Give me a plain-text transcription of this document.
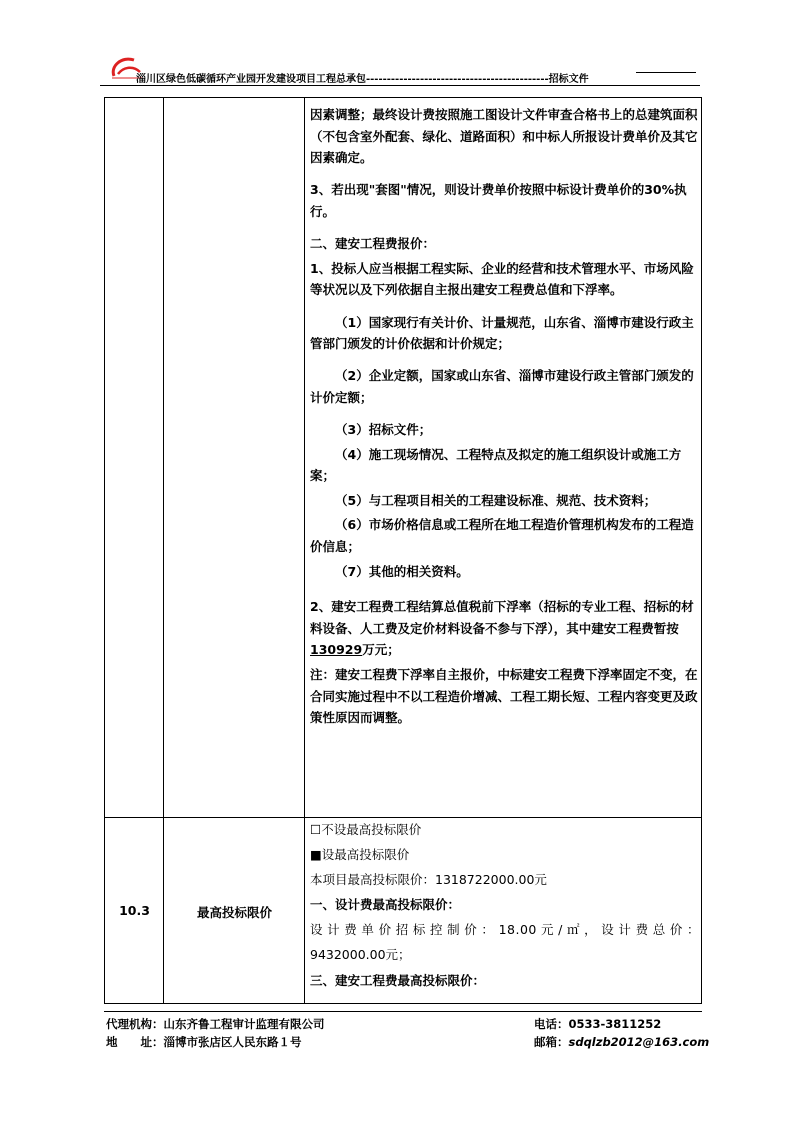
淄川区绿色低碳循环产业园开发建设项目工程总承包--------------------------------------------招标文件

因素调整；最终设计费按照施工图设计文件审查合格书上的总建筑面积（不包含室外配套、绿化、道路面积）和中标人所报设计费单价及其它因素确定。

3、若出现"套图"情况，则设计费单价按照中标设计费单价的30%执行。

二、建安工程费报价：

1、投标人应当根据工程实际、企业的经营和技术管理水平、市场风险等状况以及下列依据自主报出建安工程费总值和下浮率。

（1）国家现行有关计价、计量规范，山东省、淄博市建设行政主管部门颁发的计价依据和计价规定；

（2）企业定额，国家或山东省、淄博市建设行政主管部门颁发的计价定额；

（3）招标文件；

（4）施工现场情况、工程特点及拟定的施工组织设计或施工方案；

（5）与工程项目相关的工程建设标准、规范、技术资料；

（6）市场价格信息或工程所在地工程造价管理机构发布的工程造价信息；

（7）其他的相关资料。

2、建安工程费工程结算总值税前下浮率（招标的专业工程、招标的材料设备、人工费及定价材料设备不参与下浮），其中建安工程费暂按130929万元；

注：建安工程费下浮率自主报价，中标建安工程费下浮率固定不变，在合同实施过程中不以工程造价增减、工程工期长短、工程内容变更及政策性原因而调整。

10.3	最高投标限价

☐不设最高投标限价

■设最高投标限价

本项目最高投标限价：1318722000.00元

一、设计费最高投标限价：

设计费单价招标控制价：18.00元/㎡，设计费总价：

9432000.00元；

三、建安工程费最高投标限价：

代理机构：山东齐鲁工程审计监理有限公司
地　　址：淄博市张店区人民东路１号
电话：0533-3811252
邮箱：sdqlzb2012@163.com
